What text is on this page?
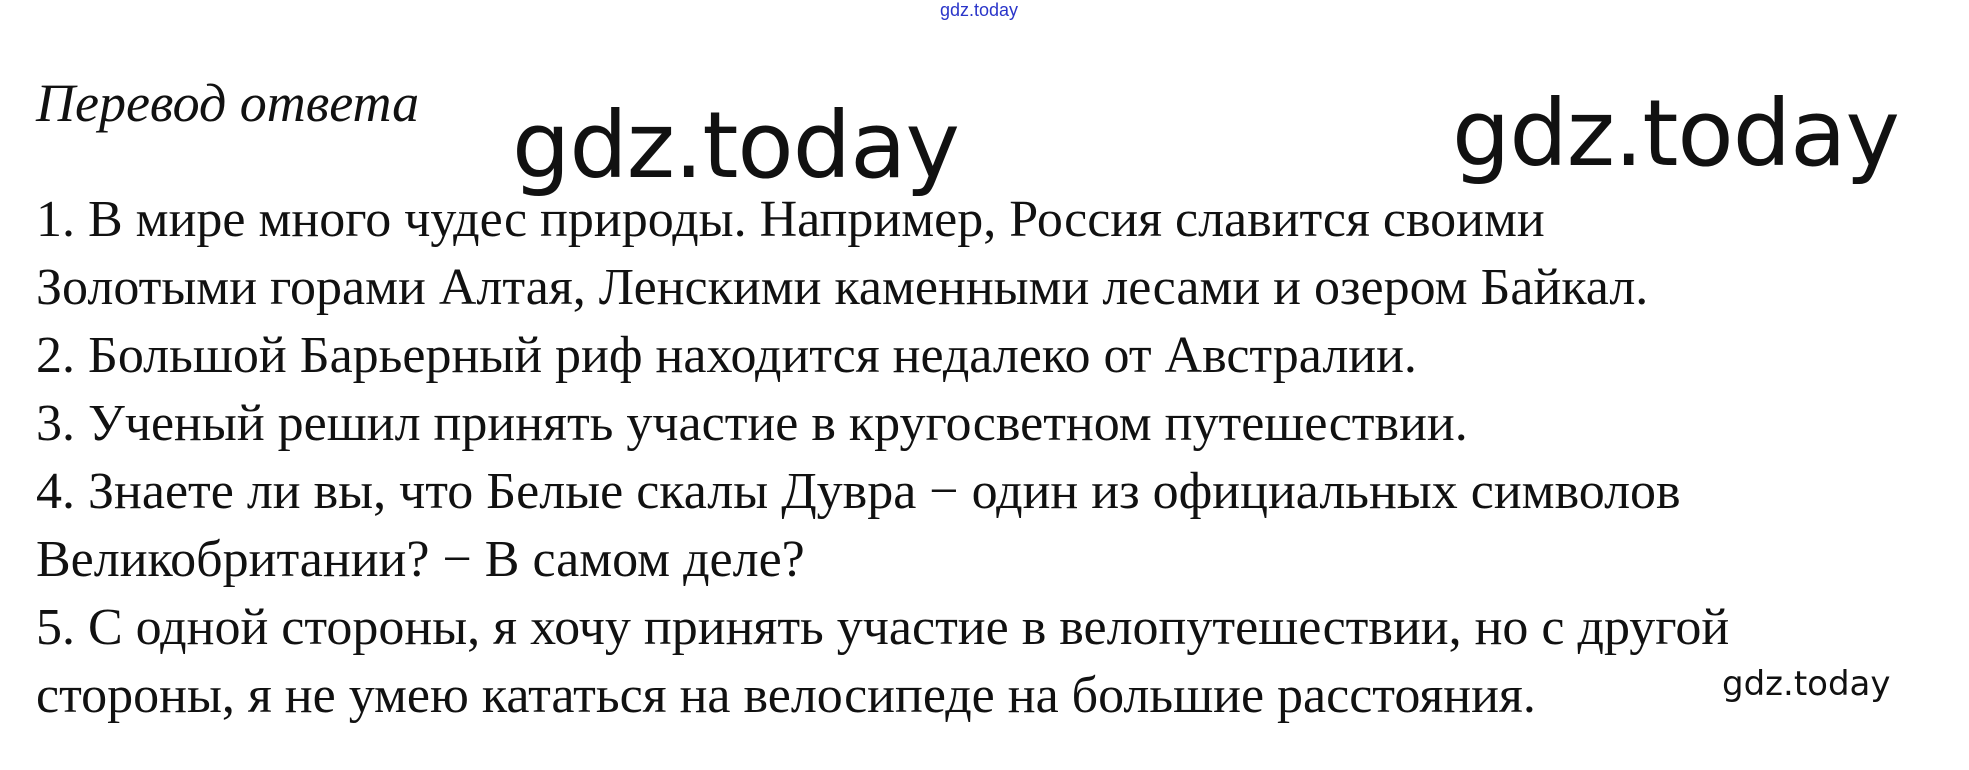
gdz.today
Перевод ответа gdz.today	gdz.today
1. В мире много чудес природы. Например, Россия славится своими
Золотыми горами Алтая, Ленскими каменными лесами и озером Байкал.
2. Большой Барьерный риф находится недалеко от Австралии.
3. Ученый решил принять участие в кругосветном путешествии.
4. Знаете ли вы, что Белые скалы Дувра − один из официальных символов
Великобритании? − В самом деле?
5. С одной стороны, я хочу принять участие в велопутешествии, но с другой
стороны, я не умею кататься на велосипеде на большие расстояния.	gdz.today
